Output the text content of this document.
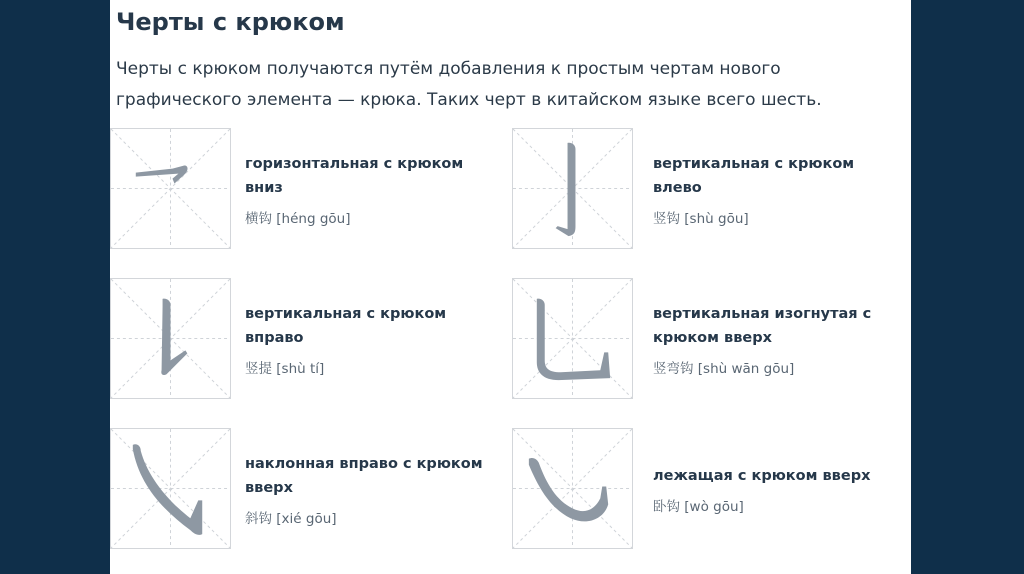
Черты с крюком

Черты с крюком получаются путём добавления к простым чертам нового графического элемента — крюка. Таких черт в китайском языке всего шесть.

горизонтальная с крюком вниз

横钩 [héng gōu]

вертикальная с крюком влево

竖钩 [shù gōu]

вертикальная с крюком вправо

竖提 [shù tí]

вертикальная изогнутая с крюком вверх

竖弯钩 [shù wān gōu]

наклонная вправо с крюком вверх

斜钩 [xié gōu]

лежащая с крюком вверх

卧钩 [wò gōu]
